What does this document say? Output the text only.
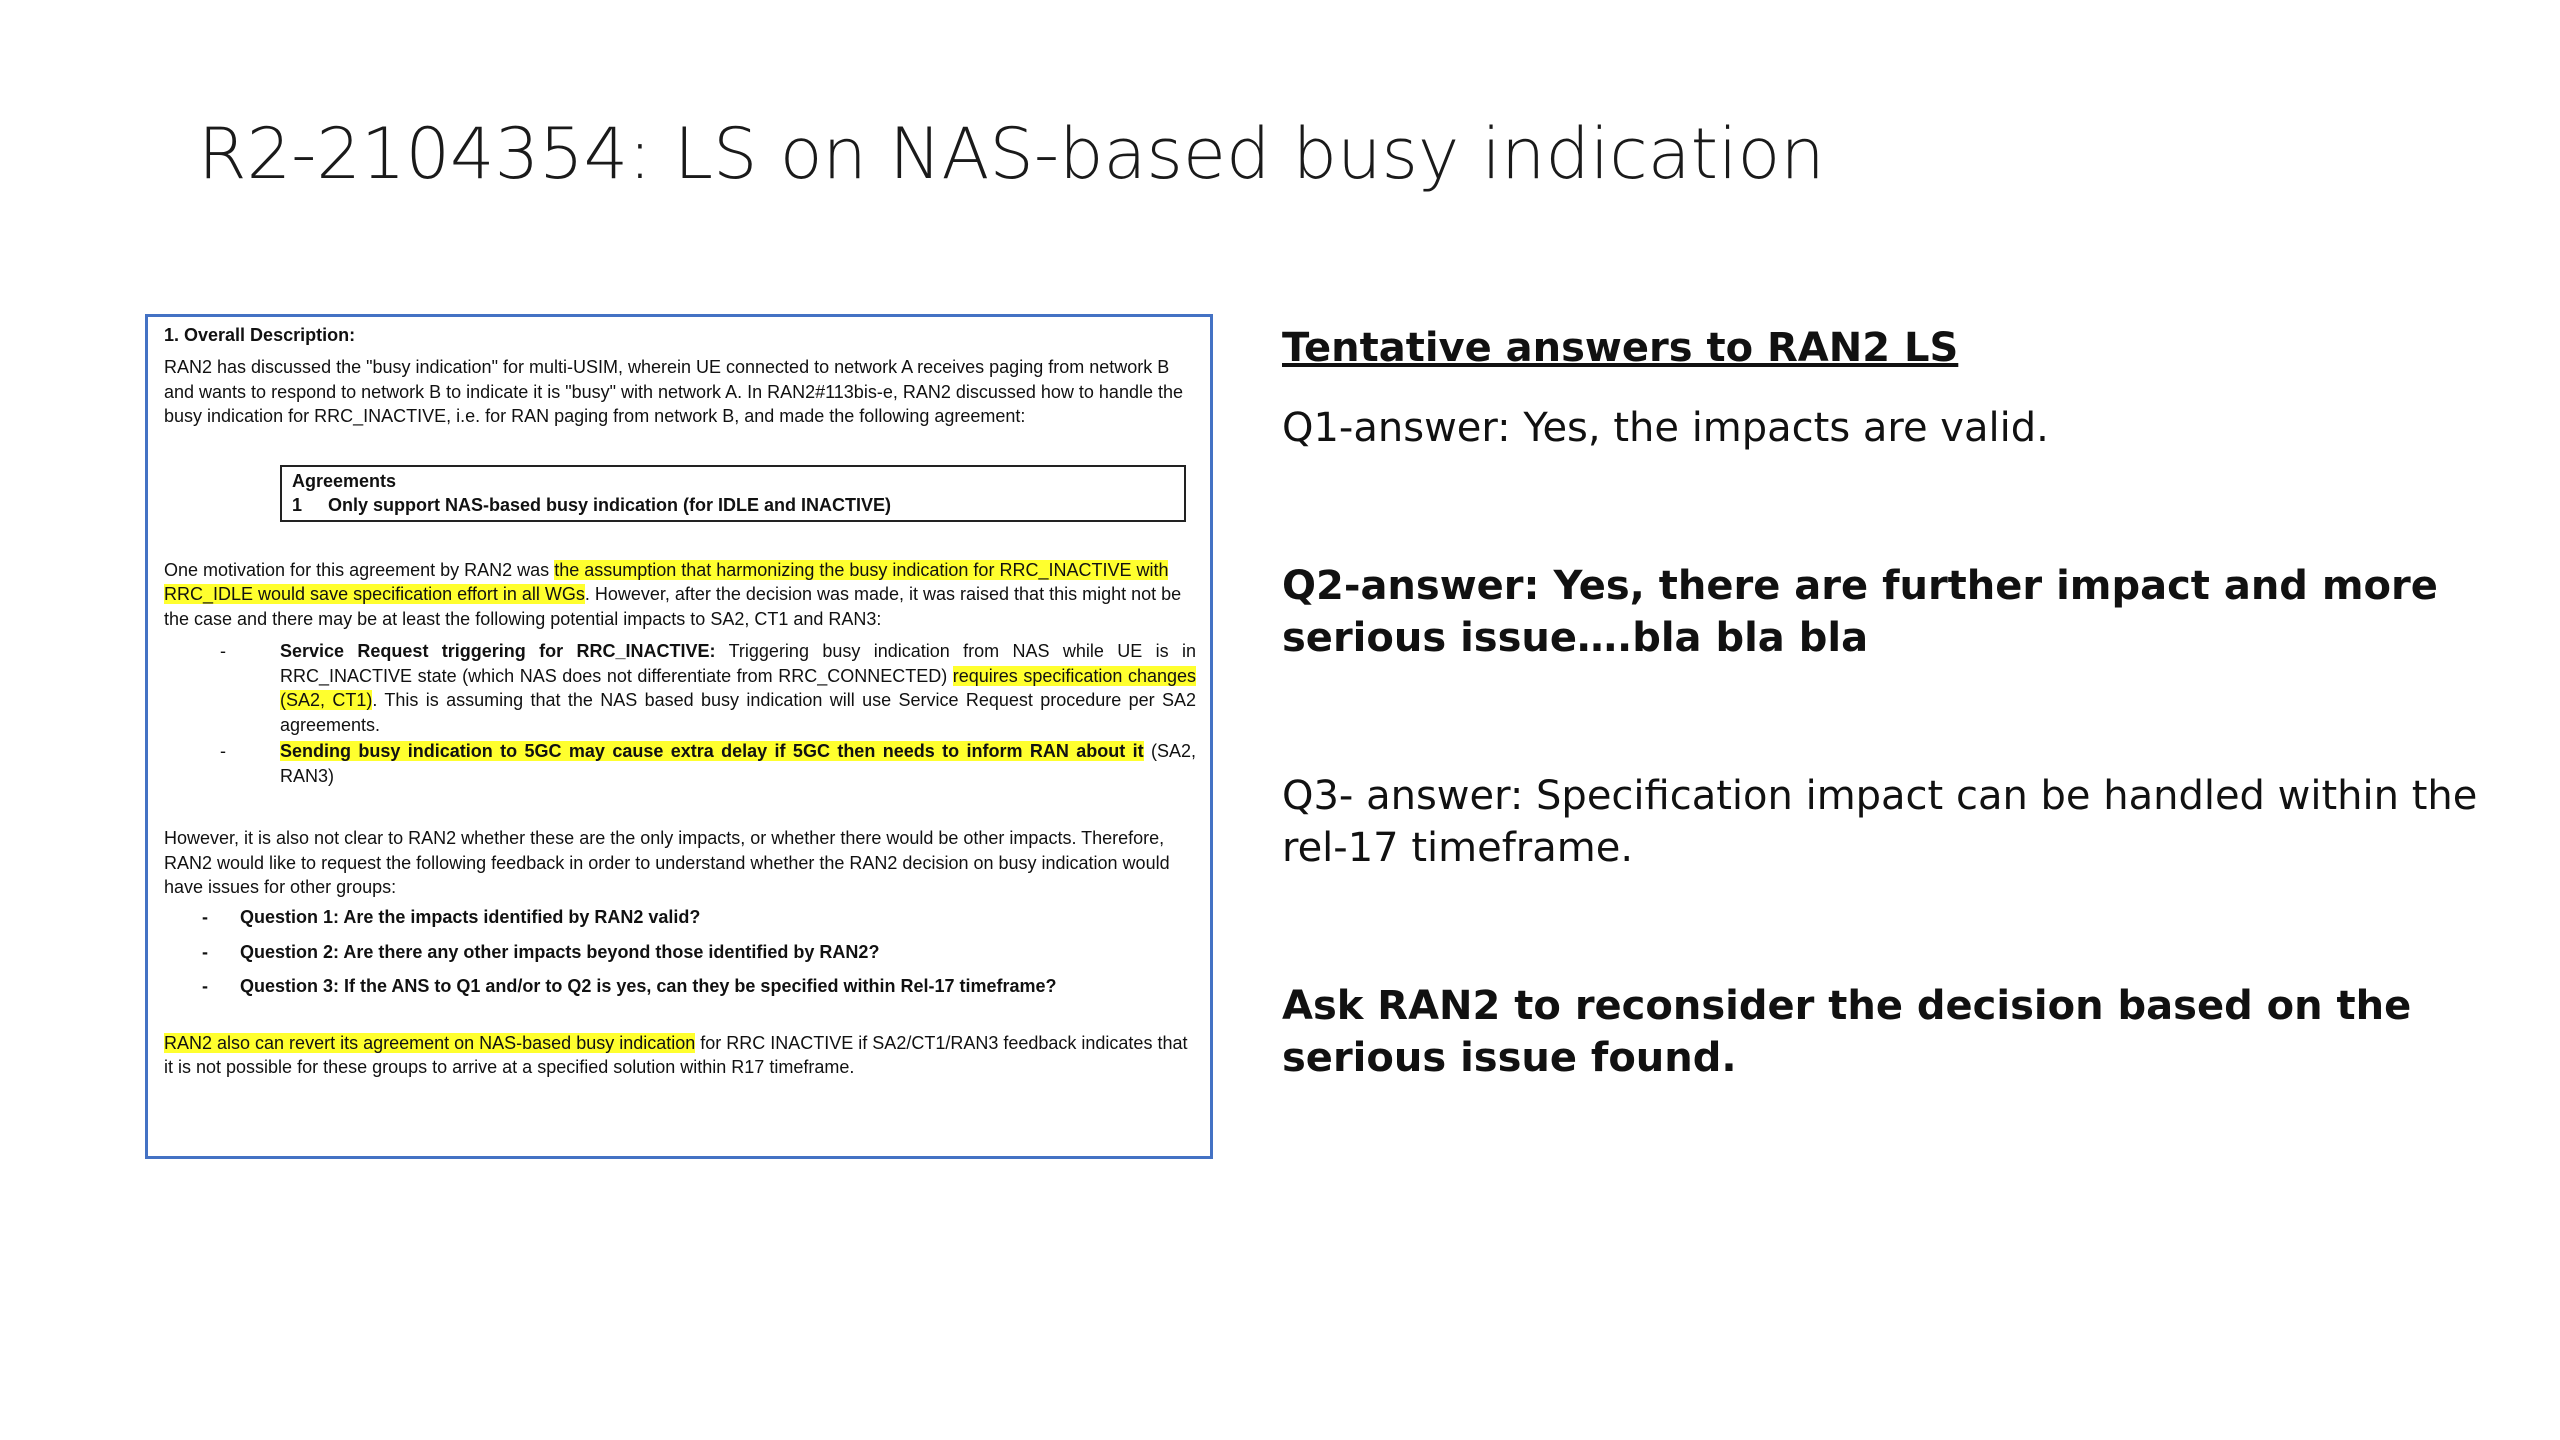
R2-2104354: LS on NAS-based busy indication

1. Overall Description:

RAN2 has discussed the "busy indication" for multi-USIM, wherein UE connected to network A receives paging from network B and wants to respond to network B to indicate it is "busy" with network A. In RAN2#113bis-e, RAN2 discussed how to handle the busy indication for RRC_INACTIVE, i.e. for RAN paging from network B, and made the following agreement:

Agreements
1 Only support NAS-based busy indication (for IDLE and INACTIVE)

One motivation for this agreement by RAN2 was the assumption that harmonizing the busy indication for RRC_INACTIVE with RRC_IDLE would save specification effort in all WGs. However, after the decision was made, it was raised that this might not be the case and there may be at least the following potential impacts to SA2, CT1 and RAN3:

-	Service Request triggering for RRC_INACTIVE: Triggering busy indication from NAS while UE is in RRC_INACTIVE state (which NAS does not differentiate from RRC_CONNECTED) requires specification changes (SA2, CT1). This is assuming that the NAS based busy indication will use Service Request procedure per SA2 agreements.
-	Sending busy indication to 5GC may cause extra delay if 5GC then needs to inform RAN about it (SA2, RAN3)

However, it is also not clear to RAN2 whether these are the only impacts, or whether there would be other impacts. Therefore, RAN2 would like to request the following feedback in order to understand whether the RAN2 decision on busy indication would have issues for other groups:

- Question 1: Are the impacts identified by RAN2 valid?
- Question 2: Are there any other impacts beyond those identified by RAN2?
- Question 3: If the ANS to Q1 and/or to Q2 is yes, can they be specified within Rel-17 timeframe?

RAN2 also can revert its agreement on NAS-based busy indication for RRC INACTIVE if SA2/CT1/RAN3 feedback indicates that it is not possible for these groups to arrive at a specified solution within R17 timeframe.

Tentative answers to RAN2 LS

Q1-answer: Yes, the impacts are valid.

Q2-answer: Yes, there are further impact and more serious issue….bla bla bla

Q3- answer: Specification impact can be handled within the rel-17 timeframe.

Ask RAN2 to reconsider the decision based on the serious issue found.
